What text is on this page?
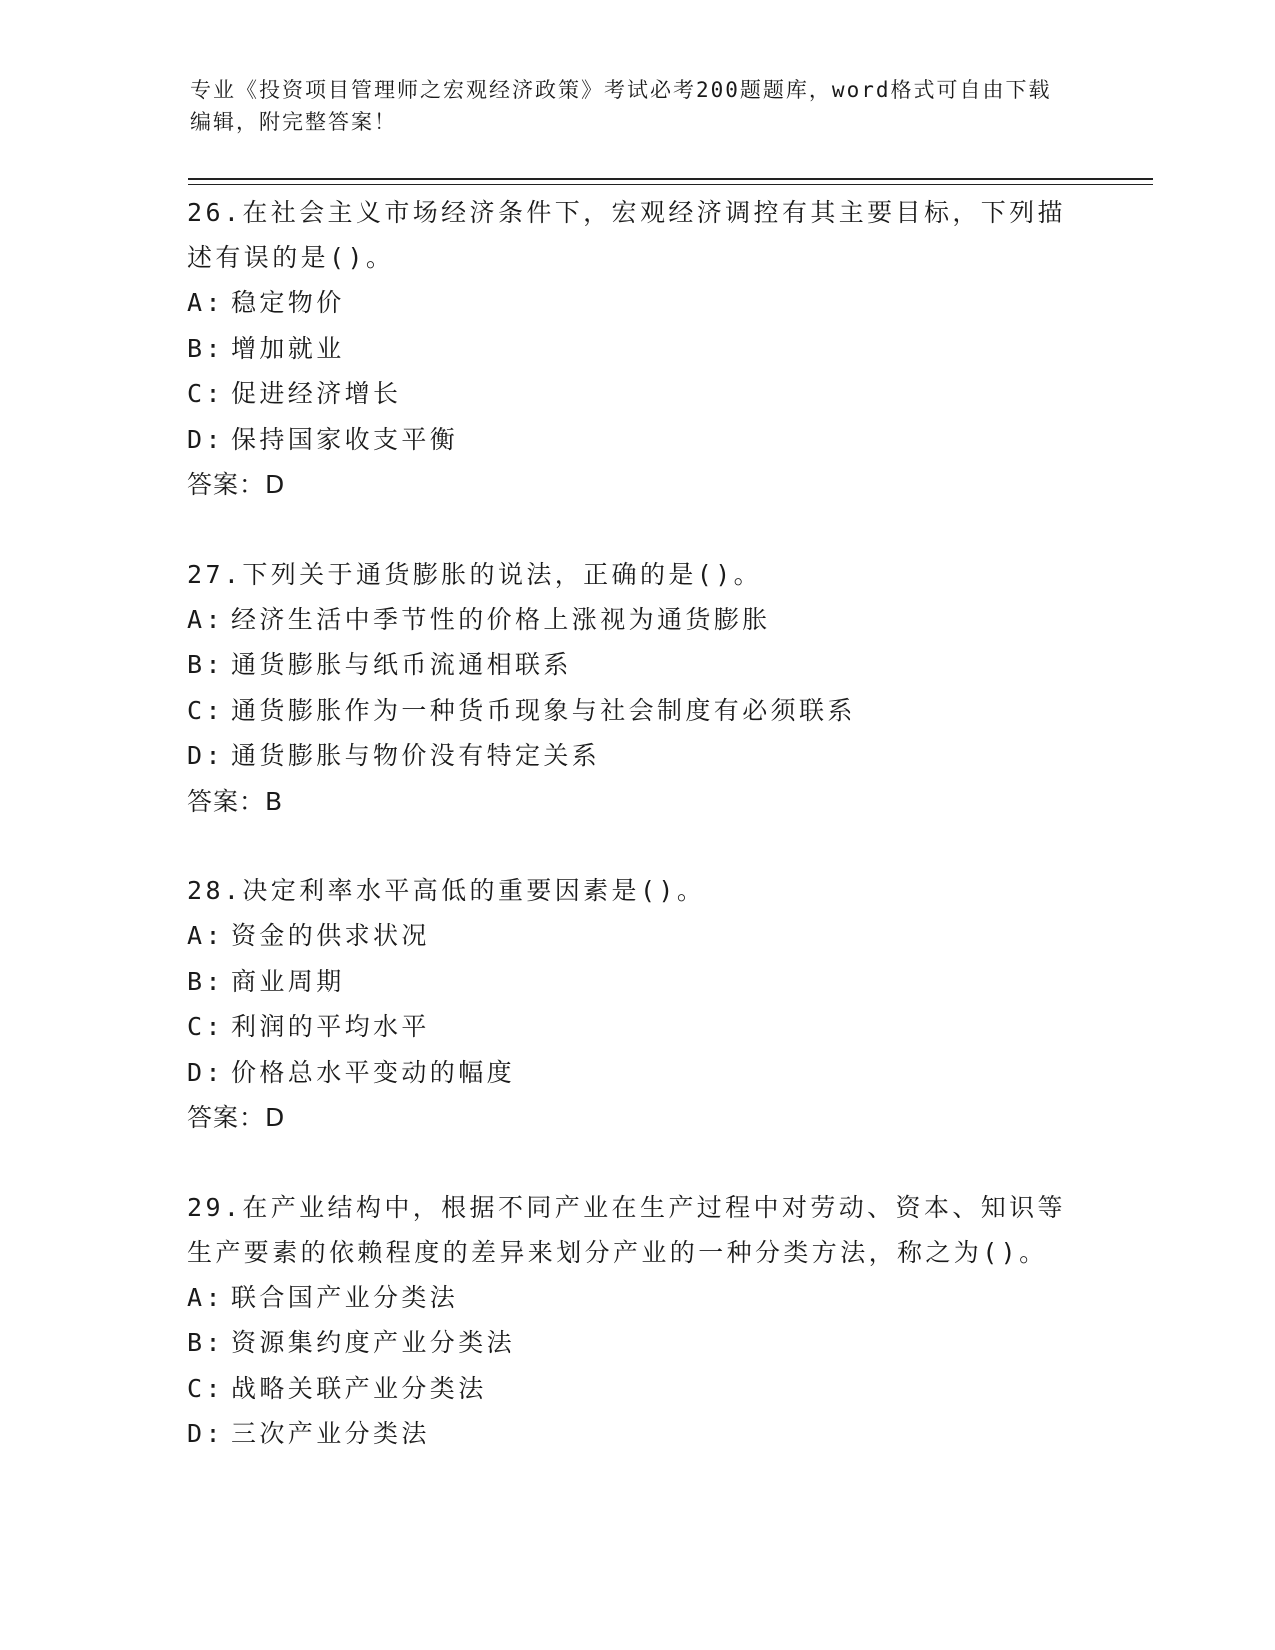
专业《投资项目管理师之宏观经济政策》考试必考200题题库，word格式可自由下载编辑，附完整答案！

26.在社会主义市场经济条件下，宏观经济调控有其主要目标，下列描述有误的是()。

A: 稳定物价
B: 增加就业
C: 促进经济增长
D: 保持国家收支平衡
答案：D

27.下列关于通货膨胀的说法，正确的是()。

A: 经济生活中季节性的价格上涨视为通货膨胀
B: 通货膨胀与纸币流通相联系
C: 通货膨胀作为一种货币现象与社会制度有必须联系
D: 通货膨胀与物价没有特定关系
答案：B

28.决定利率水平高低的重要因素是()。

A: 资金的供求状况
B: 商业周期
C: 利润的平均水平
D: 价格总水平变动的幅度
答案：D

29.在产业结构中，根据不同产业在生产过程中对劳动、资本、知识等生产要素的依赖程度的差异来划分产业的一种分类方法，称之为()。

A: 联合国产业分类法
B: 资源集约度产业分类法
C: 战略关联产业分类法
D: 三次产业分类法
